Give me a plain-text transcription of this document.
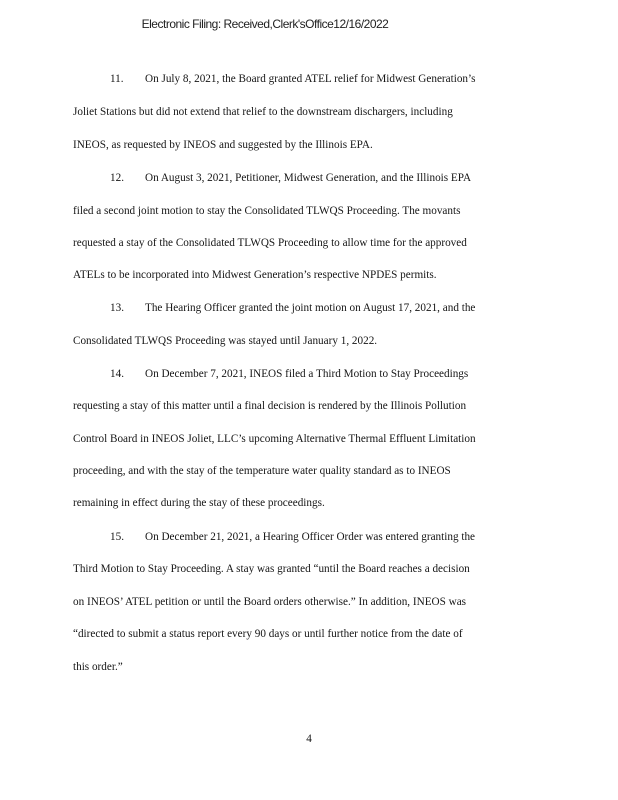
Electronic Filing: Received,Clerk'sOffice12/16/2022
11. On July 8, 2021, the Board granted ATEL relief for Midwest Generation’s
Joliet Stations but did not extend that relief to the downstream dischargers, including
INEOS, as requested by INEOS and suggested by the Illinois EPA.
12. On August 3, 2021, Petitioner, Midwest Generation, and the Illinois EPA
filed a second joint motion to stay the Consolidated TLWQS Proceeding. The movants
requested a stay of the Consolidated TLWQS Proceeding to allow time for the approved
ATELs to be incorporated into Midwest Generation’s respective NPDES permits.
13. The Hearing Officer granted the joint motion on August 17, 2021, and the
Consolidated TLWQS Proceeding was stayed until January 1, 2022.
14. On December 7, 2021, INEOS filed a Third Motion to Stay Proceedings
requesting a stay of this matter until a final decision is rendered by the Illinois Pollution
Control Board in INEOS Joliet, LLC’s upcoming Alternative Thermal Effluent Limitation
proceeding, and with the stay of the temperature water quality standard as to INEOS
remaining in effect during the stay of these proceedings.
15. On December 21, 2021, a Hearing Officer Order was entered granting the
Third Motion to Stay Proceeding. A stay was granted “until the Board reaches a decision
on INEOS’ ATEL petition or until the Board orders otherwise.” In addition, INEOS was
“directed to submit a status report every 90 days or until further notice from the date of
this order.”
4
